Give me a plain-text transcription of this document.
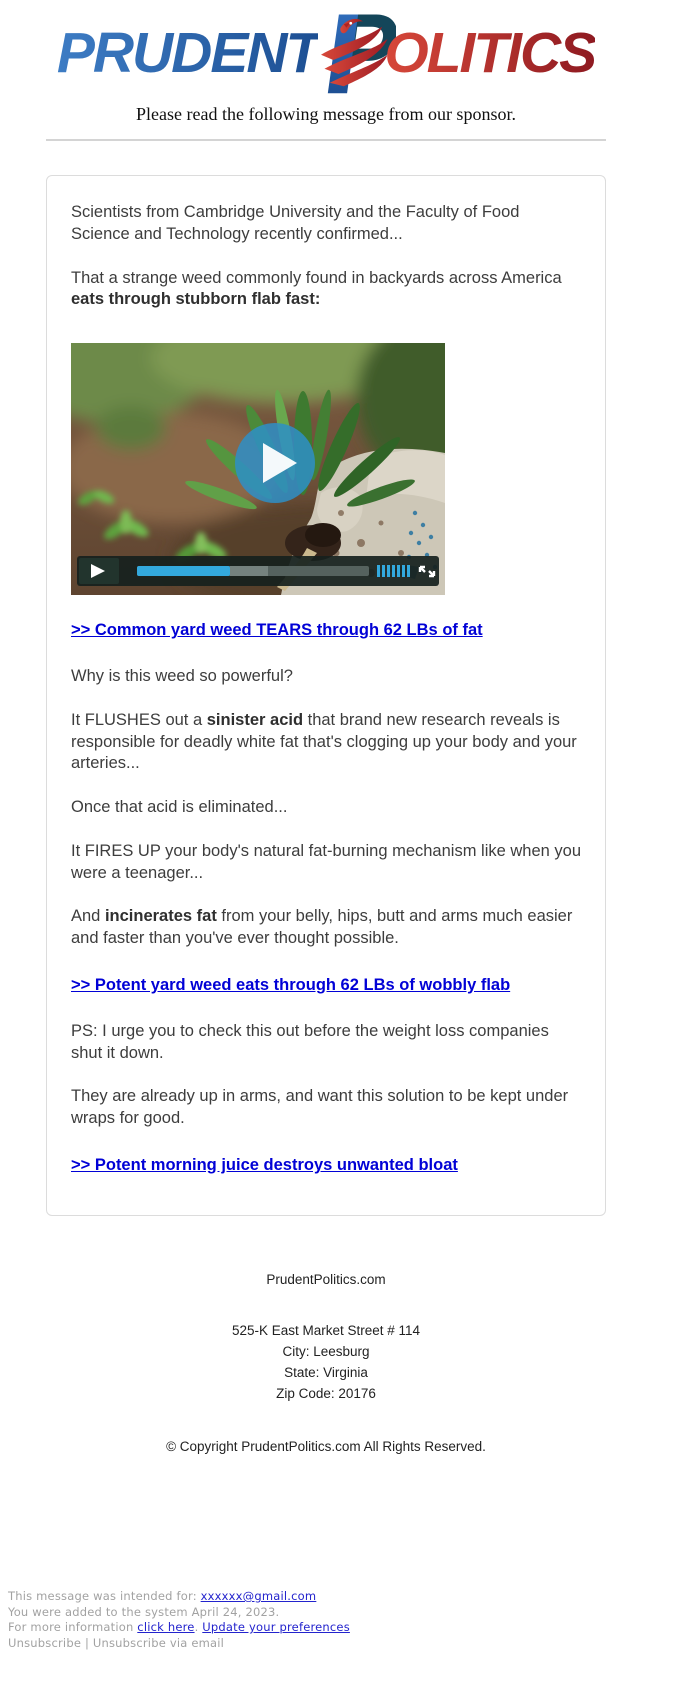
PRUDENT OLITICS
Please read the following message from our sponsor.

Scientists from Cambridge University and the Faculty of Food Science and Technology recently confirmed...

That a strange weed commonly found in backyards across America eats through stubborn flab fast:

>> Common yard weed TEARS through 62 LBs of fat

Why is this weed so powerful?

It FLUSHES out a sinister acid that brand new research reveals is responsible for deadly white fat that's clogging up your body and your arteries...

Once that acid is eliminated...

It FIRES UP your body's natural fat-burning mechanism like when you were a teenager...

And incinerates fat from your belly, hips, butt and arms much easier and faster than you've ever thought possible.

>> Potent yard weed eats through 62 LBs of wobbly flab

PS: I urge you to check this out before the weight loss companies shut it down.

They are already up in arms, and want this solution to be kept under wraps for good.

>> Potent morning juice destroys unwanted bloat
PrudentPolitics.com
525-K East Market Street # 114
City: Leesburg
State: Virginia
Zip Code: 20176
© Copyright PrudentPolitics.com All Rights Reserved.
This message was intended for: xxxxxx@gmail.com
You were added to the system April 24, 2023.
For more information click here. Update your preferences
Unsubscribe | Unsubscribe via email
